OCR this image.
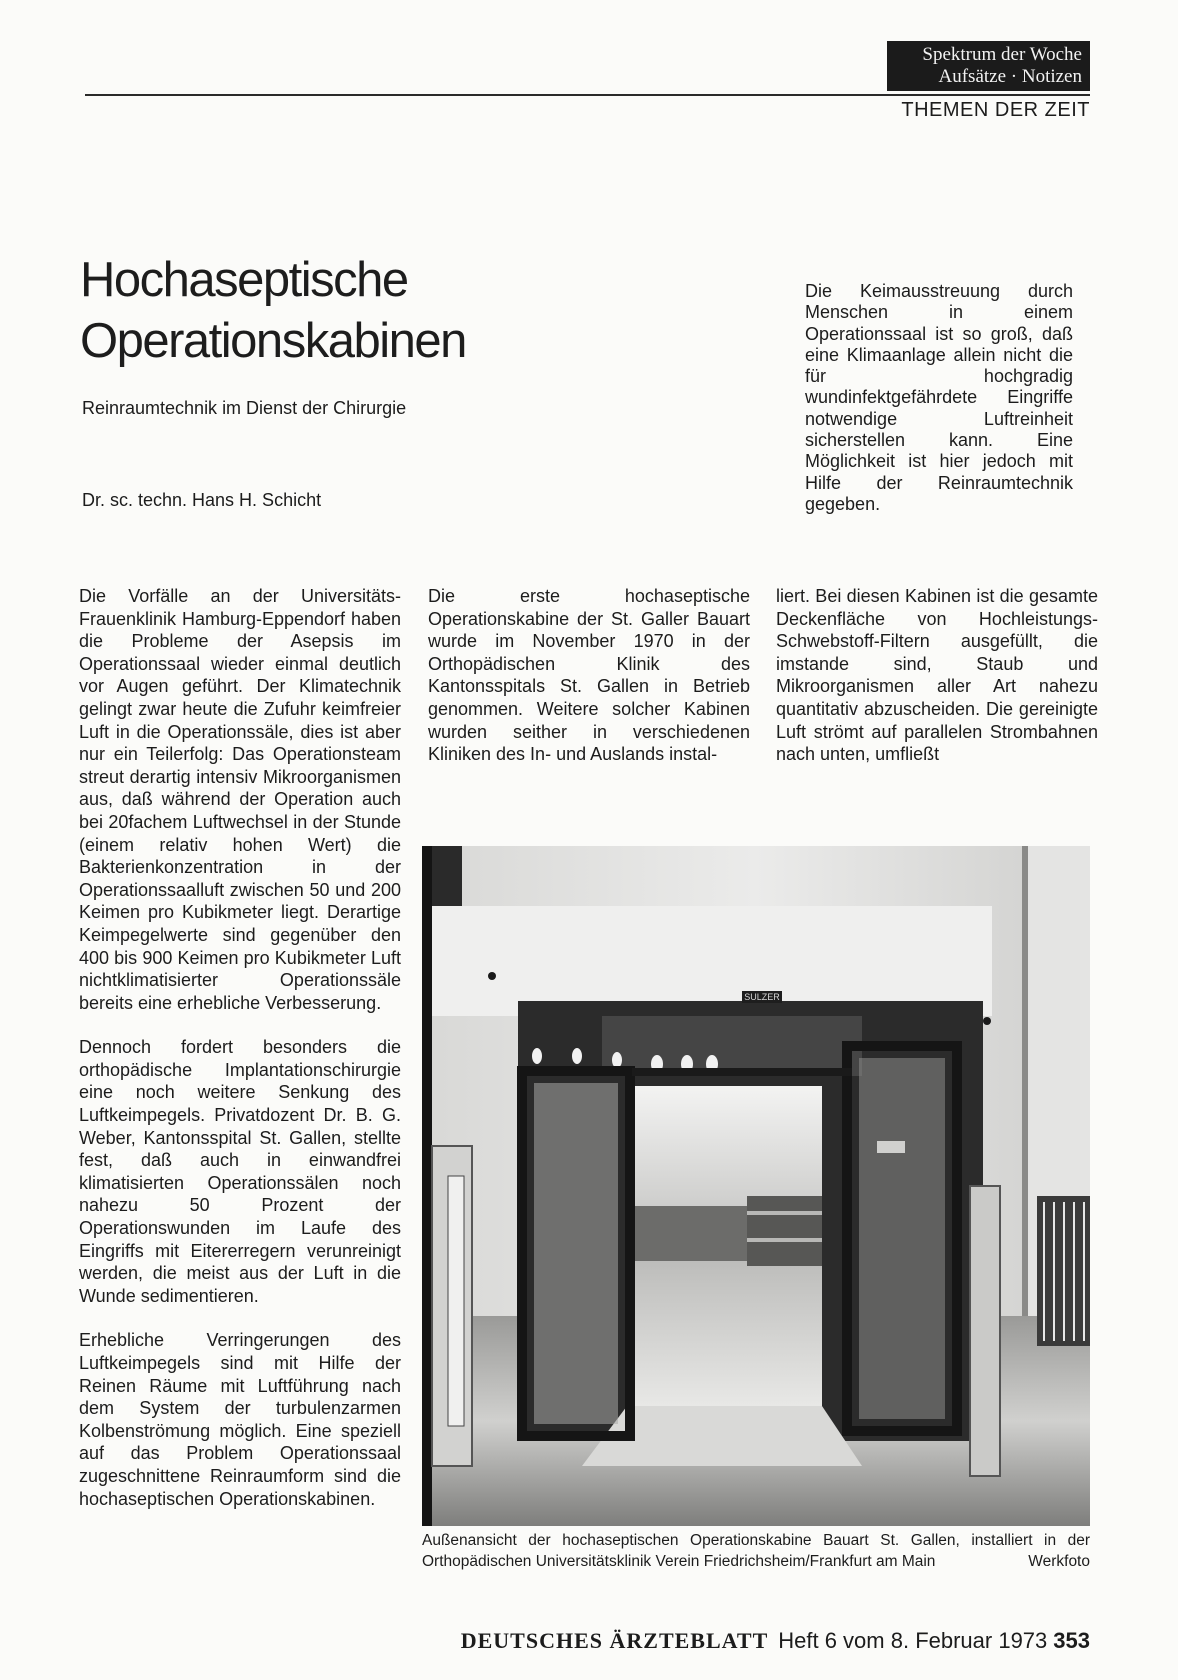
Spektrum der Woche
Aufsätze · Notizen
THEMEN DER ZEIT
Hochaseptische
Operationskabinen
Reinraumtechnik im Dienst der Chirurgie
Dr. sc. techn. Hans H. Schicht
Die Keimausstreuung durch Menschen in einem Operationssaal ist so groß, daß eine Klimaanlage allein nicht die für hochgradig wundinfektgefährdete Eingriffe notwendige Luftreinheit sicherstellen kann. Eine Möglichkeit ist hier jedoch mit Hilfe der Reinraumtechnik gegeben.

Die Vorfälle an der Universitäts-Frauenklinik Hamburg-Eppendorf haben die Probleme der Asepsis im Operationssaal wieder einmal deutlich vor Augen geführt. Der Klimatechnik gelingt zwar heute die Zufuhr keimfreier Luft in die Operationssäle, dies ist aber nur ein Teilerfolg: Das Operationsteam streut derartig intensiv Mikroorganismen aus, daß während der Operation auch bei 20fachem Luftwechsel in der Stunde (einem relativ hohen Wert) die Bakterienkonzentration in der Operationssaalluft zwischen 50 und 200 Keimen pro Kubikmeter liegt. Derartige Keimpegelwerte sind gegenüber den 400 bis 900 Keimen pro Kubikmeter Luft nichtklimatisierter Operationssäle bereits eine erhebliche Verbesserung.

Dennoch fordert besonders die orthopädische Implantationschirurgie eine noch weitere Senkung des Luftkeimpegels. Privatdozent Dr. B. G. Weber, Kantonsspital St. Gallen, stellte fest, daß auch in einwandfrei klimatisierten Operationssälen noch nahezu 50 Prozent der Operationswunden im Laufe des Eingriffs mit Eitererregern verunreinigt werden, die meist aus der Luft in die Wunde sedimentieren.

Erhebliche Verringerungen des Luftkeimpegels sind mit Hilfe der Reinen Räume mit Luftführung nach dem System der turbulenzarmen Kolbenströmung möglich. Eine speziell auf das Problem Operationssaal zugeschnittene Reinraumform sind die hochaseptischen Operationskabinen.

Die erste hochaseptische Operationskabine der St. Galler Bauart wurde im November 1970 in der Orthopädischen Klinik des Kantonsspitals St. Gallen in Betrieb genommen. Weitere solcher Kabinen wurden seither in verschiedenen Kliniken des In- und Auslands instal-

liert. Bei diesen Kabinen ist die gesamte Deckenfläche von Hochleistungs-Schwebstoff-Filtern ausgefüllt, die imstande sind, Staub und Mikroorganismen aller Art nahezu quantitativ abzuscheiden. Die gereinigte Luft strömt auf parallelen Strombahnen nach unten, umfließt

SULZER
Außenansicht der hochaseptischen Operationskabine Bauart St. Gallen, installiert in der Orthopädischen Universitätsklinik Verein Friedrichsheim/Frankfurt am Main	Werkfoto
DEUTSCHES ÄRZTEBLATT Heft 6 vom 8. Februar 1973 353
